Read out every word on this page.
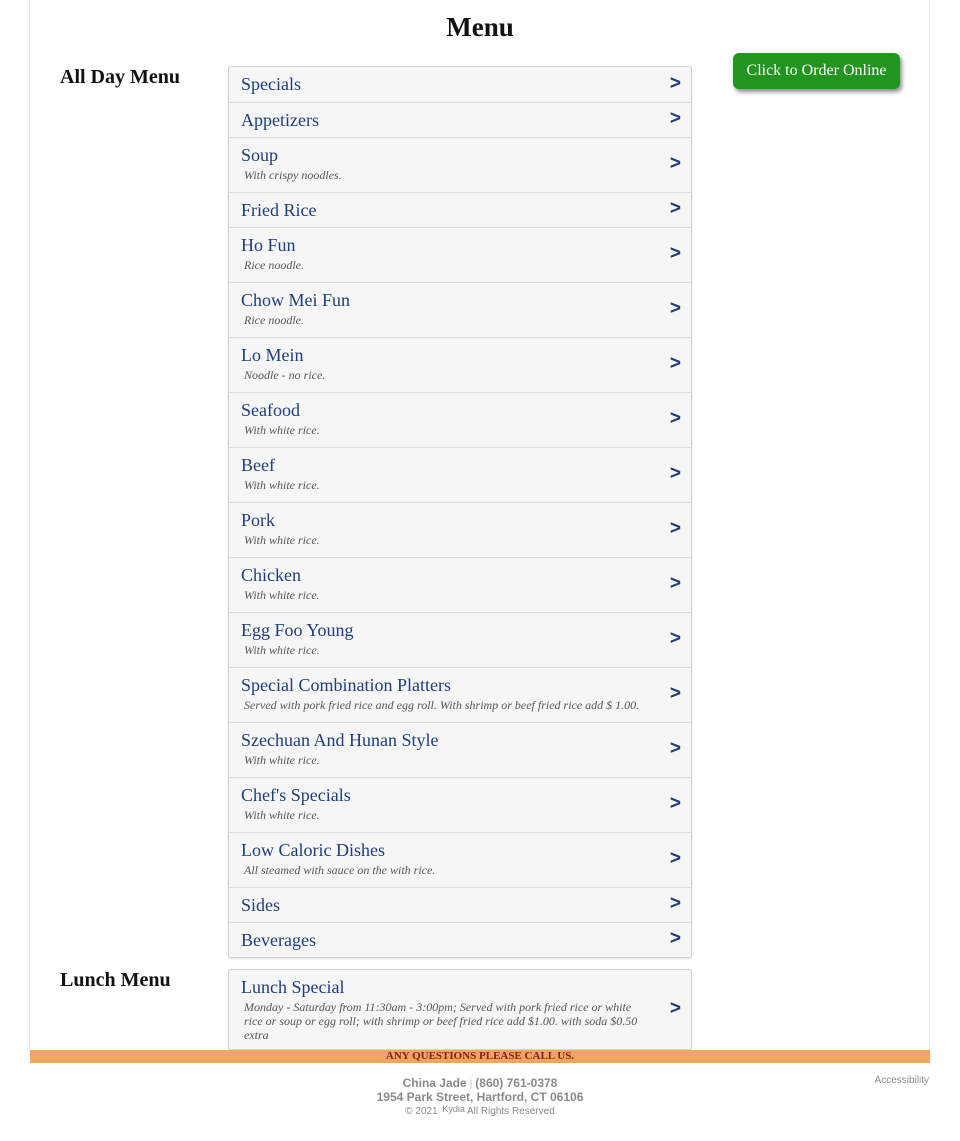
Menu
Click to Order Online
All Day Menu	Specials	>
Appetizers	>
Soup
With crispy noodles.
>
Fried Rice	>
Ho Fun
Rice noodle.
>
Chow Mei Fun
Rice noodle.
>
Lo Mein
Noodle - no rice.
>
Seafood
With white rice.
>
Beef
With white rice.
>
Pork
With white rice.
>
Chicken
With white rice.
>
Egg Foo Young
With white rice.
>
Special Combination Platters
Served with pork fried rice and egg roll. With shrimp or beef fried rice add $ 1.00.
>
Szechuan And Hunan Style
With white rice.
>
Chef's Specials
With white rice.
>
Low Caloric Dishes
All steamed with sauce on the with rice.
>
Sides	>
Beverages	>
Lunch Menu	Lunch Special
Monday - Saturday from 11:30am - 3:00pm; Served with pork fried rice or white rice or soup or egg roll; with shrimp or beef fried rice add $1.00. with soda $0.50 extra
>
ANY QUESTIONS PLEASE CALL US.
China Jade | (860) 761-0378
1954 Park Street, Hartford, CT 06106
© 2021 Kydia All Rights Reserved
Accessibility
